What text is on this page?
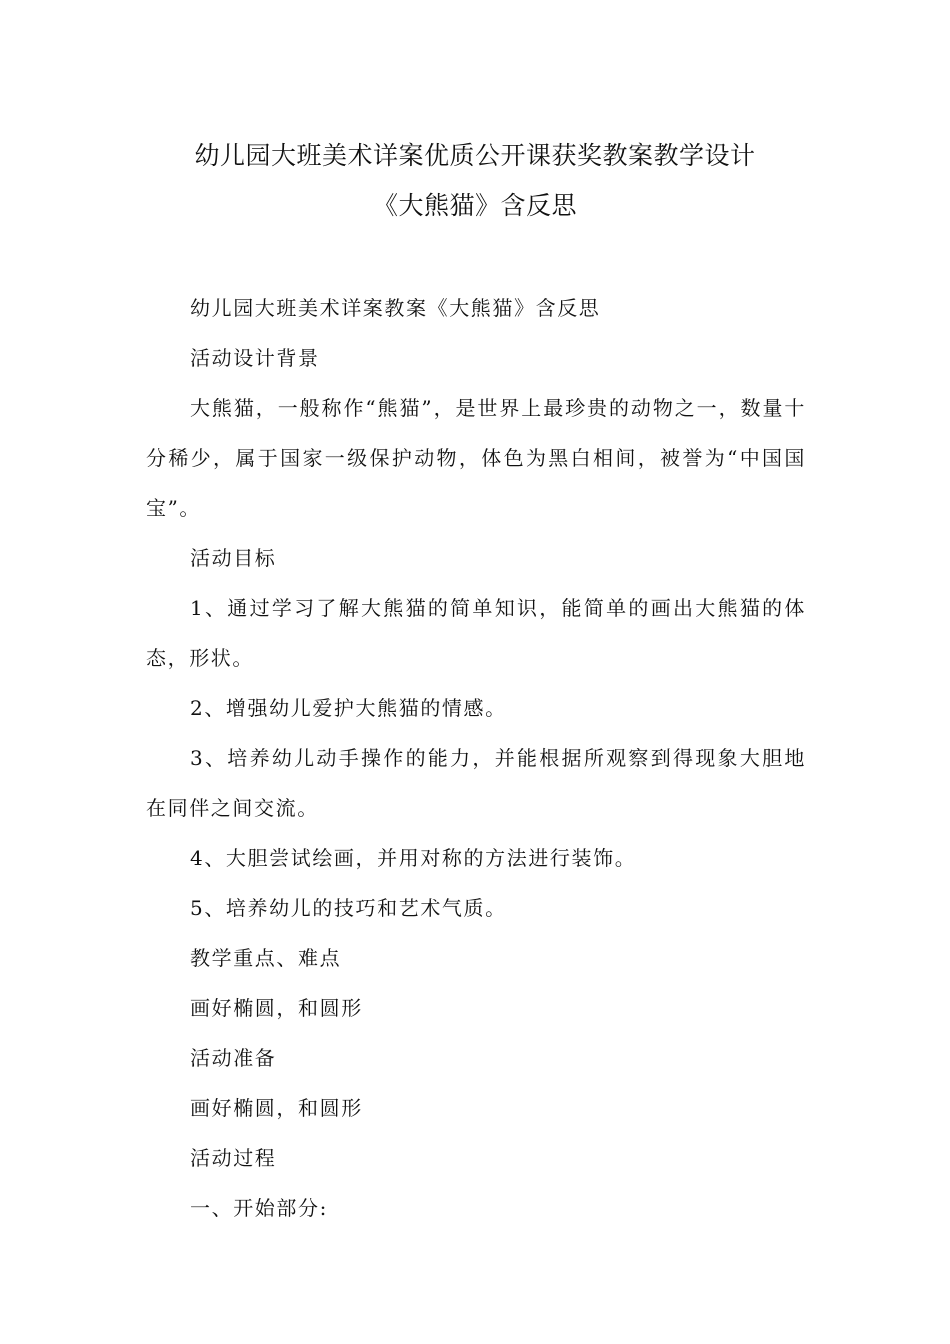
幼儿园大班美术详案优质公开课获奖教案教学设计
《大熊猫》含反思

幼儿园大班美术详案教案《大熊猫》含反思

活动设计背景

大熊猫，一般称作“熊猫”，是世界上最珍贵的动物之一，数量十分稀少，属于国家一级保护动物，体色为黑白相间，被誉为“中国国宝”。

活动目标

1、通过学习了解大熊猫的简单知识，能简单的画出大熊猫的体态，形状。

2、增强幼儿爱护大熊猫的情感。

3、培养幼儿动手操作的能力，并能根据所观察到得现象大胆地在同伴之间交流。

4、大胆尝试绘画，并用对称的方法进行装饰。

5、培养幼儿的技巧和艺术气质。

教学重点、难点

画好椭圆，和圆形

活动准备

画好椭圆，和圆形

活动过程

一、开始部分:
